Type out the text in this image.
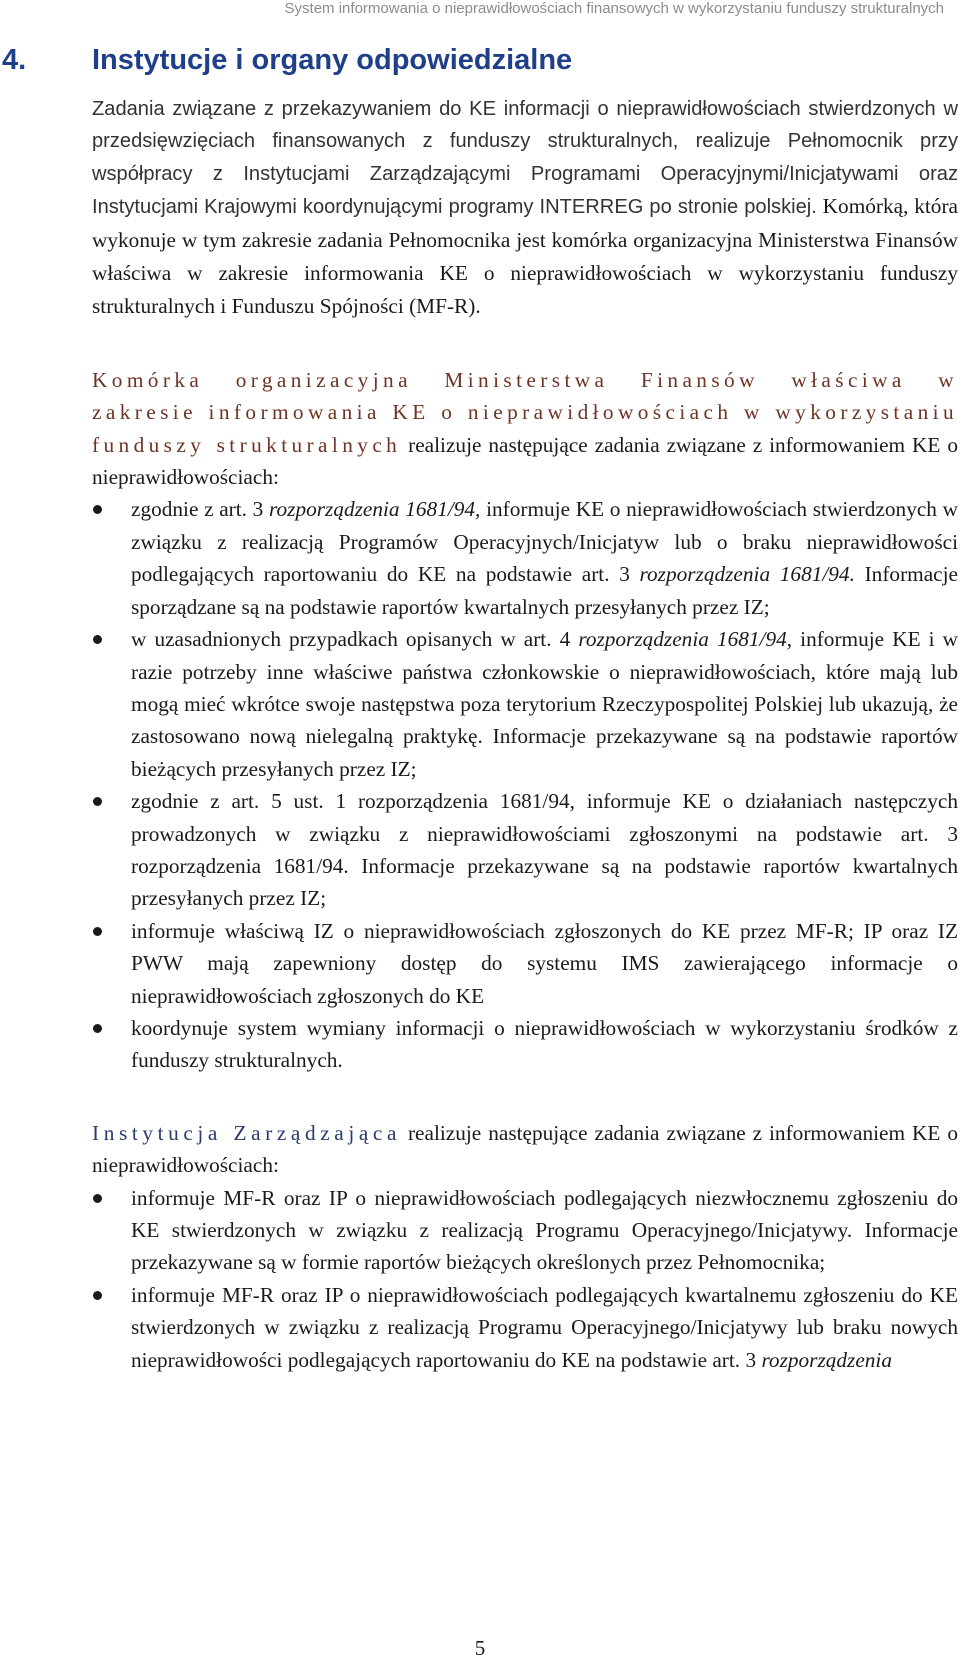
System informowania o nieprawidłowościach finansowych w wykorzystaniu funduszy strukturalnych
4. Instytucje i organy odpowiedzialne

Zadania związane z przekazywaniem do KE informacji o nieprawidłowościach stwierdzonych w przedsięwzięciach finansowanych z funduszy strukturalnych, realizuje Pełnomocnik przy współpracy z Instytucjami Zarządzającymi Programami Operacyjnymi/Inicjatywami oraz Instytucjami Krajowymi koordynującymi programy INTERREG po stronie polskiej. Komórką, która wykonuje w tym zakresie zadania Pełnomocnika jest komórka organizacyjna Ministerstwa Finansów właściwa w zakresie informowania KE o nieprawidłowościach w wykorzystaniu funduszy strukturalnych i Funduszu Spójności (MF-R).

Komórka organizacyjna Ministerstwa Finansów właściwa w zakresie informowania KE o nieprawidłowościach w wykorzystaniu funduszy strukturalnych realizuje następujące zadania związane z informowaniem KE o nieprawidłowościach:

zgodnie z art. 3 rozporządzenia 1681/94, informuje KE o nieprawidłowościach stwierdzonych w związku z realizacją Programów Operacyjnych/Inicjatyw lub o braku nieprawidłowości podlegających raportowaniu do KE na podstawie art. 3 rozporządzenia 1681/94. Informacje sporządzane są na podstawie raportów kwartalnych przesyłanych przez IZ;
w uzasadnionych przypadkach opisanych w art. 4 rozporządzenia 1681/94, informuje KE i w razie potrzeby inne właściwe państwa członkowskie o nieprawidłowościach, które mają lub mogą mieć wkrótce swoje następstwa poza terytorium Rzeczypospolitej Polskiej lub ukazują, że zastosowano nową nielegalną praktykę. Informacje przekazywane są na podstawie raportów bieżących przesyłanych przez IZ;
zgodnie z art. 5 ust. 1 rozporządzenia 1681/94, informuje KE o działaniach następczych prowadzonych w związku z nieprawidłowościami zgłoszonymi na podstawie art. 3 rozporządzenia 1681/94. Informacje przekazywane są na podstawie raportów kwartalnych przesyłanych przez IZ;
informuje właściwą IZ o nieprawidłowościach zgłoszonych do KE przez MF-R; IP oraz IZ PWW mają zapewniony dostęp do systemu IMS zawierającego informacje o nieprawidłowościach zgłoszonych do KE
koordynuje system wymiany informacji o nieprawidłowościach w wykorzystaniu środków z funduszy strukturalnych.

Instytucja Zarządzająca realizuje następujące zadania związane z informowaniem KE o nieprawidłowościach:

informuje MF-R oraz IP o nieprawidłowościach podlegających niezwłocznemu zgłoszeniu do KE stwierdzonych w związku z realizacją Programu Operacyjnego/Inicjatywy. Informacje przekazywane są w formie raportów bieżących określonych przez Pełnomocnika;
informuje MF-R oraz IP o nieprawidłowościach podlegających kwartalnemu zgłoszeniu do KE stwierdzonych w związku z realizacją Programu Operacyjnego/Inicjatywy lub braku nowych nieprawidłowości podlegających raportowaniu do KE na podstawie art. 3 rozporządzenia
5
